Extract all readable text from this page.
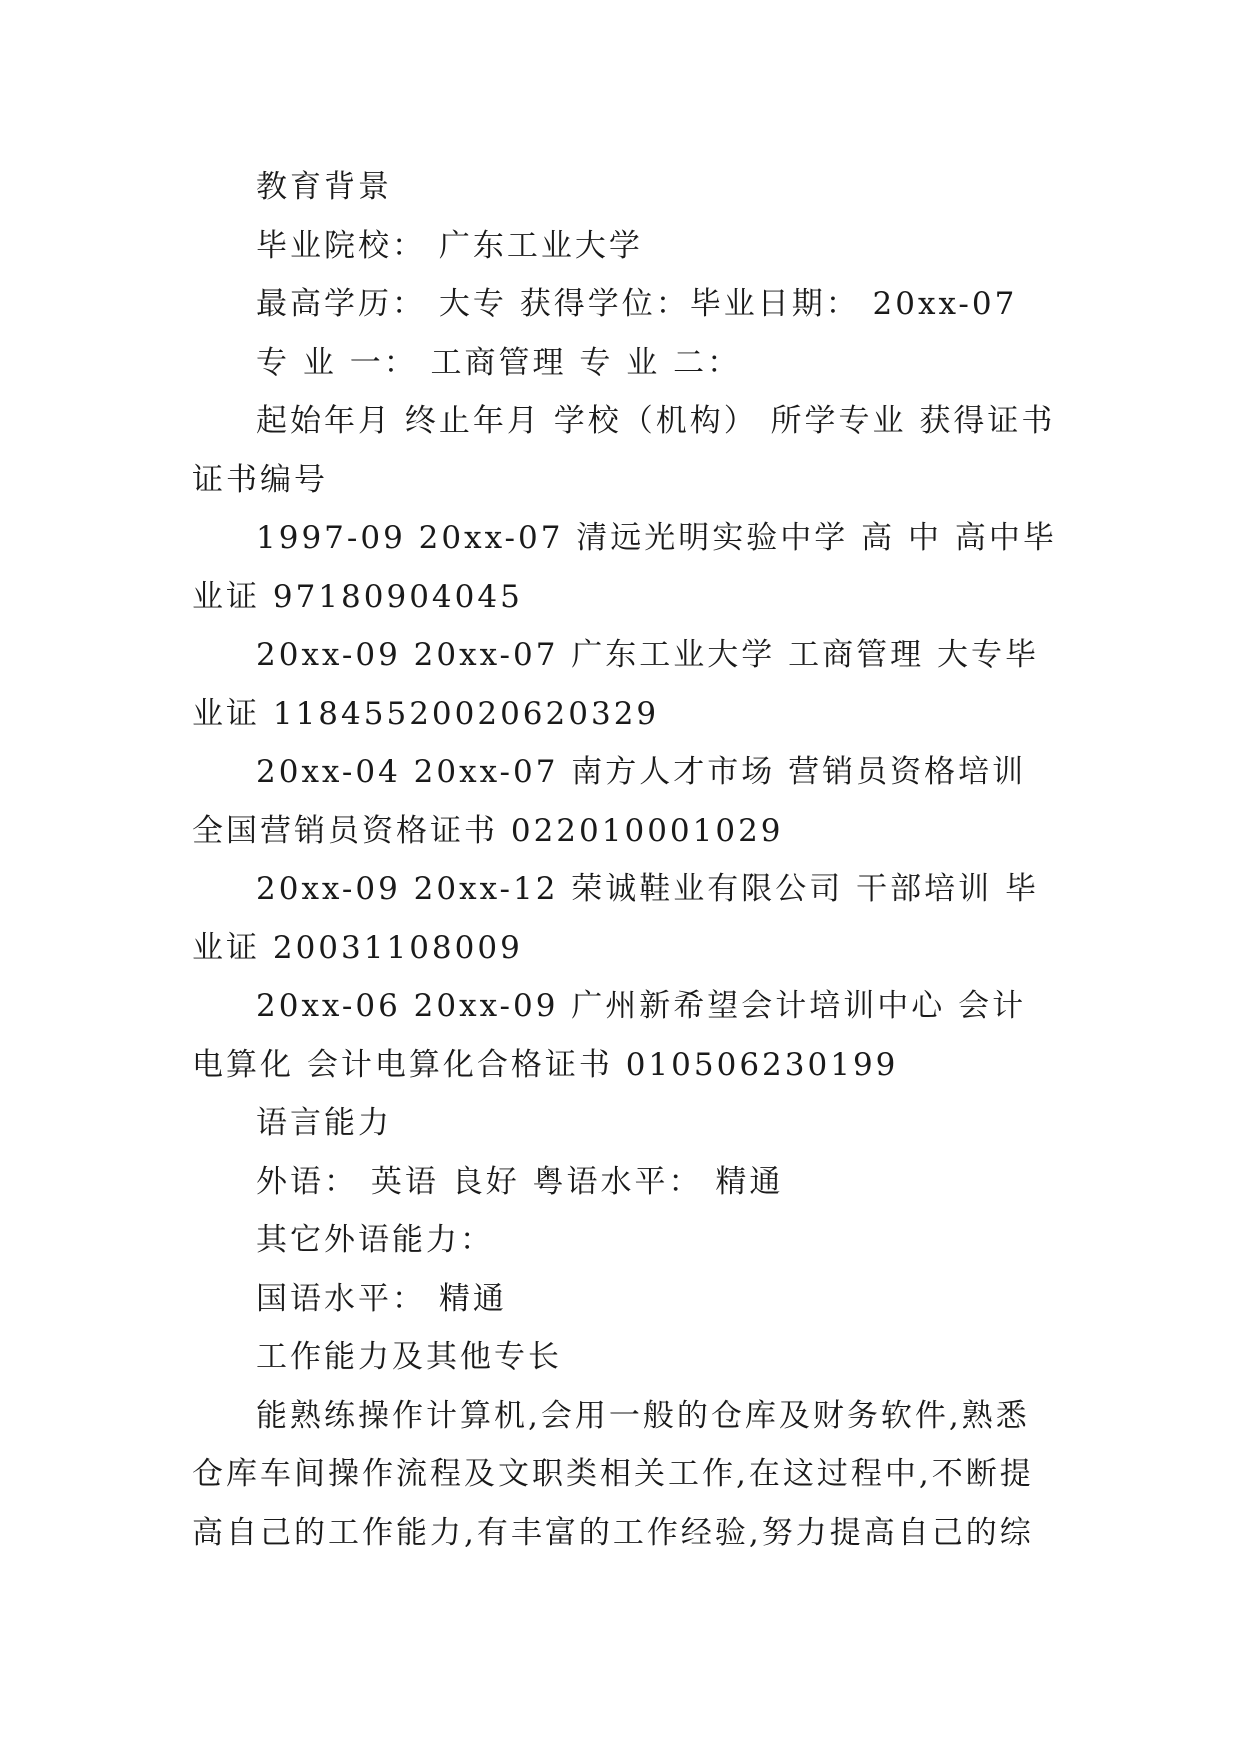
教育背景

毕业院校： 广东工业大学

最高学历： 大专 获得学位：毕业日期： 20xx-07

专 业 一： 工商管理 专 业 二：

起始年月 终止年月 学校（机构） 所学专业 获得证书 证书编号

1997-09 20xx-07 清远光明实验中学 高 中 高中毕业证 97180904045

20xx-09 20xx-07 广东工业大学 工商管理 大专毕业证 11845520020620329

20xx-04 20xx-07 南方人才市场 营销员资格培训 全国营销员资格证书 022010001029

20xx-09 20xx-12 荣诚鞋业有限公司 干部培训 毕业证 20031108009

20xx-06 20xx-09 广州新希望会计培训中心 会计电算化 会计电算化合格证书 010506230199

语言能力

外语： 英语 良好 粤语水平： 精通

其它外语能力：

国语水平： 精通

工作能力及其他专长

能熟练操作计算机,会用一般的仓库及财务软件,熟悉仓库车间操作流程及文职类相关工作,在这过程中,不断提高自己的工作能力,有丰富的工作经验,努力提高自己的综
